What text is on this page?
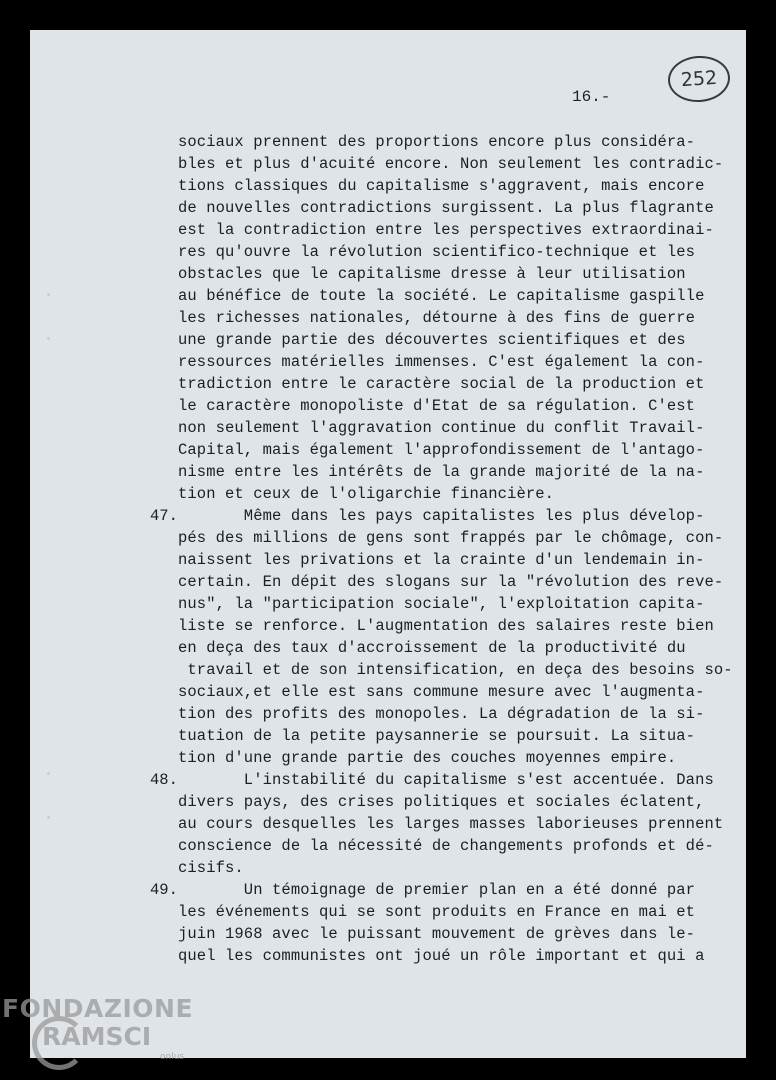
252
16.-
sociaux prennent des proportions encore plus considéra-
bles et plus d'acuité encore. Non seulement les contradic-
tions classiques du capitalisme s'aggravent, mais encore
de nouvelles contradictions surgissent. La plus flagrante
est la contradiction entre les perspectives extraordinai-
res qu'ouvre la révolution scientifico-technique et les
obstacles que le capitalisme dresse à leur utilisation
au bénéfice de toute la société. Le capitalisme gaspille
les richesses nationales, détourne à des fins de guerre
une grande partie des découvertes scientifiques et des
ressources matérielles immenses. C'est également la con-
tradiction entre le caractère social de la production et
le caractère monopoliste d'Etat de sa régulation. C'est
non seulement l'aggravation continue du conflit Travail-
Capital, mais également l'approfondissement de l'antago-
nisme entre les intérêts de la grande majorité de la na-
tion et ceux de l'oligarchie financière.
47. Même dans les pays capitalistes les plus dévelop-
pés des millions de gens sont frappés par le chômage, con-
naissent les privations et la crainte d'un lendemain in-
certain. En dépit des slogans sur la "révolution des reve-
nus", la "participation sociale", l'exploitation capita-
liste se renforce. L'augmentation des salaires reste bien
en deça des taux d'accroissement de la productivité du
travail et de son intensification, en deça des besoins so-
sociaux,et elle est sans commune mesure avec l'augmenta-
tion des profits des monopoles. La dégradation de la si-
tuation de la petite paysannerie se poursuit. La situa-
tion d'une grande partie des couches moyennes empire.
48. L'instabilité du capitalisme s'est accentuée. Dans
divers pays, des crises politiques et sociales éclatent,
au cours desquelles les larges masses laborieuses prennent
conscience de la nécessité de changements profonds et dé-
cisifs.
49. Un témoignage de premier plan en a été donné par
les événements qui se sont produits en France en mai et
juin 1968 avec le puissant mouvement de grèves dans le-
quel les communistes ont joué un rôle important et qui a
FONDAZIONE
RAMSCI
onlus
